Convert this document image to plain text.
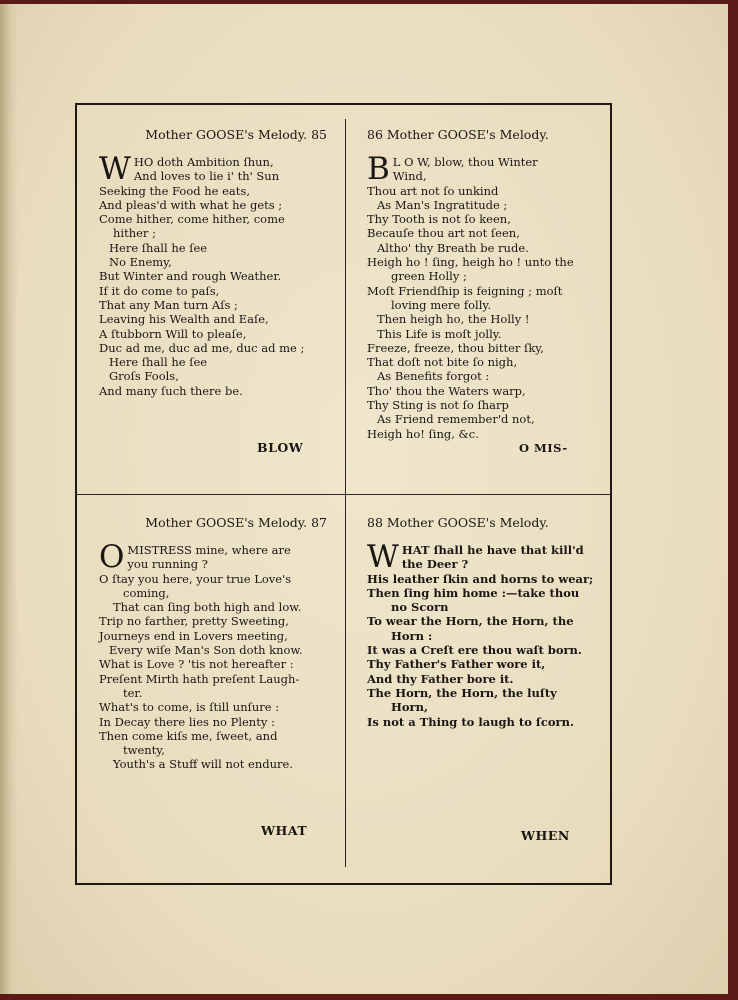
Mother GOOSE's Melody. 85
W HO doth Ambition ſhun,
And loves to lie i' th' Sun
Seeking the Food he eats,
And pleas'd with what he gets ;
Come hither, come hither, come
hither ;
Here ſhall he ſee
No Enemy,
But Winter and rough Weather.
If it do come to paſs,
That any Man turn Aſs ;
Leaving his Wealth and Eaſe,
A ſtubborn Will to pleaſe,
Duc ad me, duc ad me, duc ad me ;
Here ſhall he ſee
Groſs Fools,
And many ſuch there be.
BLOW
86 Mother GOOSE's Melody.
B L O W, blow, thou Winter
Wind,
Thou art not ſo unkind
As Man's Ingratitude ;
Thy Tooth is not ſo keen,
Becauſe thou art not ſeen,
Altho' thy Breath be rude.
Heigh ho ! ſing, heigh ho ! unto the
green Holly ;
Moſt Friendſhip is feigning ; moſt
loving mere folly.
Then heigh ho, the Holly !
This Life is moſt jolly.
Freeze, freeze, thou bitter ſky,
That doſt not bite ſo nigh,
As Benefits forgot :
Tho' thou the Waters warp,
Thy Sting is not ſo ſharp
As Friend remember'd not,
Heigh ho! ſing, &c.
O MIS-
Mother GOOSE's Melody. 87
O MISTRESS mine, where are
you running ?
O ſtay you here, your true Love's
coming,
That can ſing both high and low.
Trip no farther, pretty Sweeting,
Journeys end in Lovers meeting,
Every wiſe Man's Son doth know.
What is Love ? 'tis not hereafter :
Preſent Mirth hath preſent Laugh-
ter.
What's to come, is ſtill unſure :
In Decay there lies no Plenty :
Then come kiſs me, ſweet, and
twenty,
Youth's a Stuff will not endure.
WHAT
88 Mother GOOSE's Melody.
W HAT ſhall he have that kill'd
the Deer ?
His leather ſkin and horns to wear;
Then ſing him home :—take thou
no Scorn
To wear the Horn, the Horn, the
Horn :
It was a Creſt ere thou waſt born.
Thy Father's Father wore it,
And thy Father bore it.
The Horn, the Horn, the luſty
Horn,
Is not a Thing to laugh to ſcorn.
WHEN
